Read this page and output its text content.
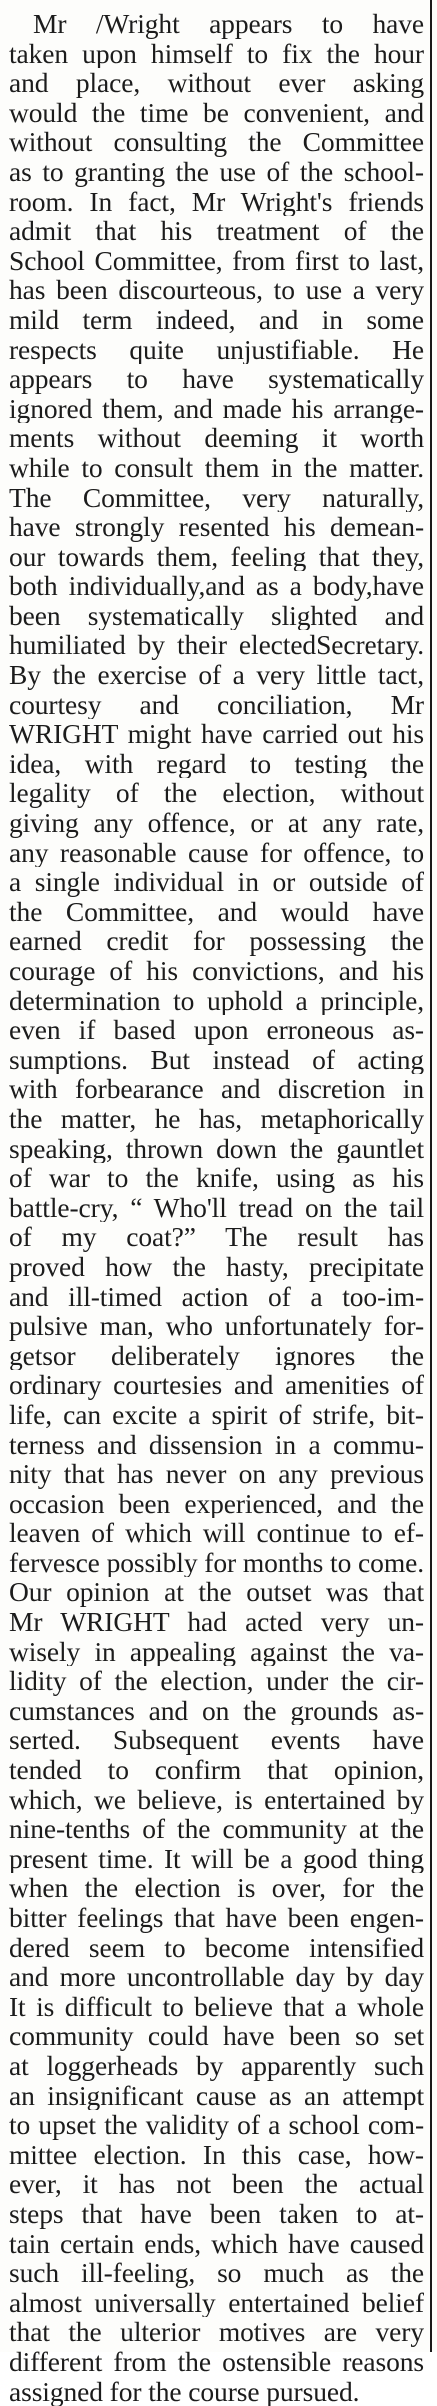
Mr /Wright appears to have
taken upon himself to fix the hour
and place, without ever asking
would the time be convenient, and
without consulting the Committee
as to granting the use of the school-
room. In fact, Mr Wright's friends
admit that his treatment of the
School Committee, from first to last,
has been discourteous, to use a very
mild term indeed, and in some
respects quite unjustifiable. He
appears to have systematically
ignored them, and made his arrange-
ments without deeming it worth
while to consult them in the matter.
The Committee, very naturally,
have strongly resented his demean-
our towards them, feeling that they,
both individually,and as a body,have
been systematically slighted and
humiliated by their electedSecretary.
By the exercise of a very little tact,
courtesy and conciliation, Mr
WRIGHT might have carried out his
idea, with regard to testing the
legality of the election, without
giving any offence, or at any rate,
any reasonable cause for offence, to
a single individual in or outside of
the Committee, and would have
earned credit for possessing the
courage of his convictions, and his
determination to uphold a principle,
even if based upon erroneous as-
sumptions. But instead of acting
with forbearance and discretion in
the matter, he has, metaphorically
speaking, thrown down the gauntlet
of war to the knife, using as his
battle-cry, “ Who'll tread on the tail
of my coat?” The result has
proved how the hasty, precipitate
and ill-timed action of a too-im-
pulsive man, who unfortunately for-
getsor deliberately ignores the
ordinary courtesies and amenities of
life, can excite a spirit of strife, bit-
terness and dissension in a commu-
nity that has never on any previous
occasion been experienced, and the
leaven of which will continue to ef-
fervesce possibly for months to come.
Our opinion at the outset was that
Mr WRIGHT had acted very un-
wisely in appealing against the va-
lidity of the election, under the cir-
cumstances and on the grounds as-
serted. Subsequent events have
tended to confirm that opinion,
which, we believe, is entertained by
nine-tenths of the community at the
present time. It will be a good thing
when the election is over, for the
bitter feelings that have been engen-
dered seem to become intensified
and more uncontrollable day by day
It is difficult to believe that a whole
community could have been so set
at loggerheads by apparently such
an insignificant cause as an attempt
to upset the validity of a school com-
mittee election. In this case, how-
ever, it has not been the actual
steps that have been taken to at-
tain certain ends, which have caused
such ill-feeling, so much as the
almost universally entertained belief
that the ulterior motives are very
different from the ostensible reasons
assigned for the course pursued.
